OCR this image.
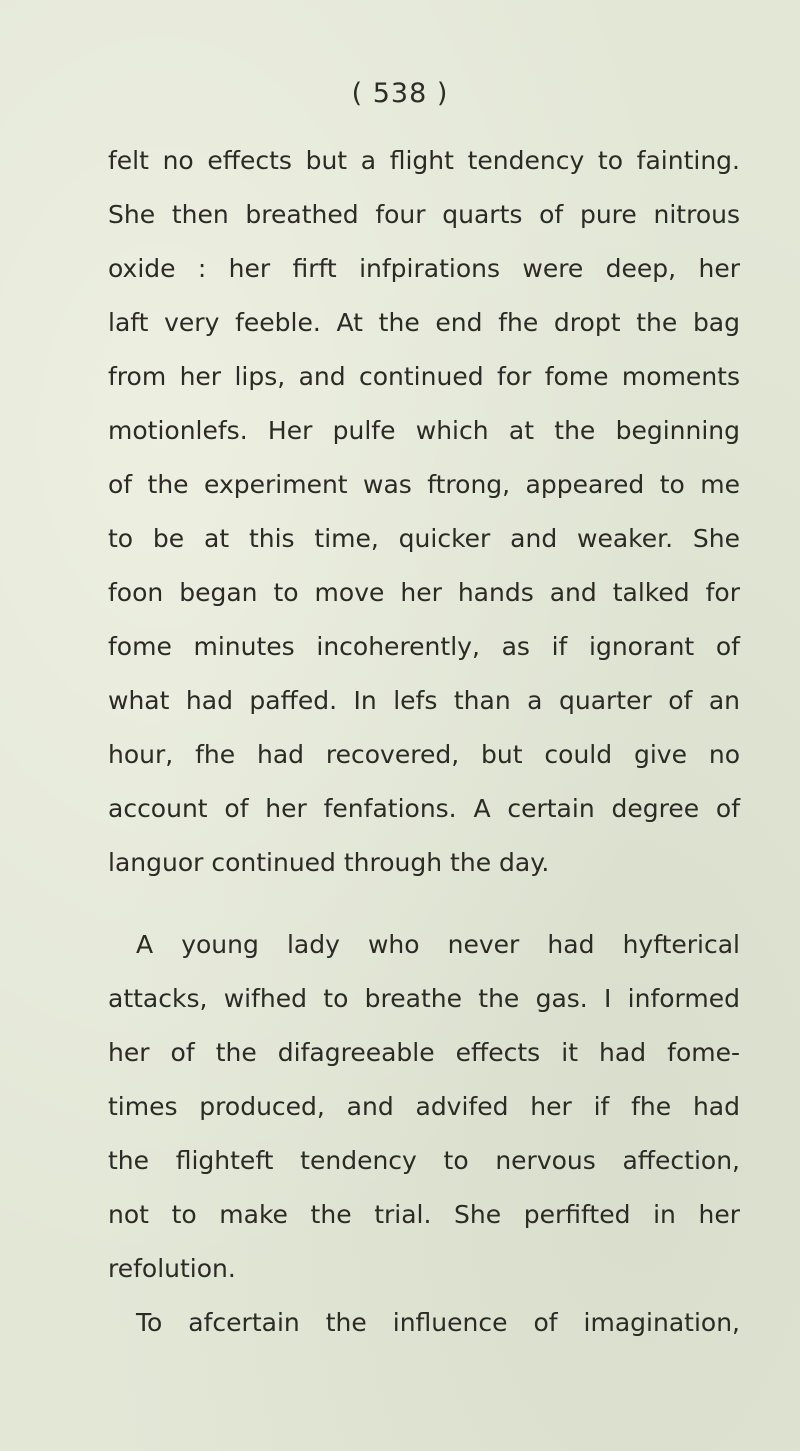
( 538 )
felt no effects but a flight tendency to fainting.
She then breathed four quarts of pure nitrous
oxide : her firft infpirations were deep, her
laft very feeble. At the end fhe dropt the bag
from her lips, and continued for fome moments
motionlefs. Her pulfe which at the beginning
of the experiment was ftrong, appeared to me
to be at this time, quicker and weaker. She
foon began to move her hands and talked for
fome minutes incoherently, as if ignorant of
what had paffed. In lefs than a quarter of an
hour, fhe had recovered, but could give no
account of her fenfations. A certain degree of
languor continued through the day.
A young lady who never had hyfterical
attacks, wifhed to breathe the gas. I informed
her of the difagreeable effects it had fome-
times produced, and advifed her if fhe had
the flighteft tendency to nervous affection,
not to make the trial. She perfifted in her
refolution.
To afcertain the influence of imagination,
